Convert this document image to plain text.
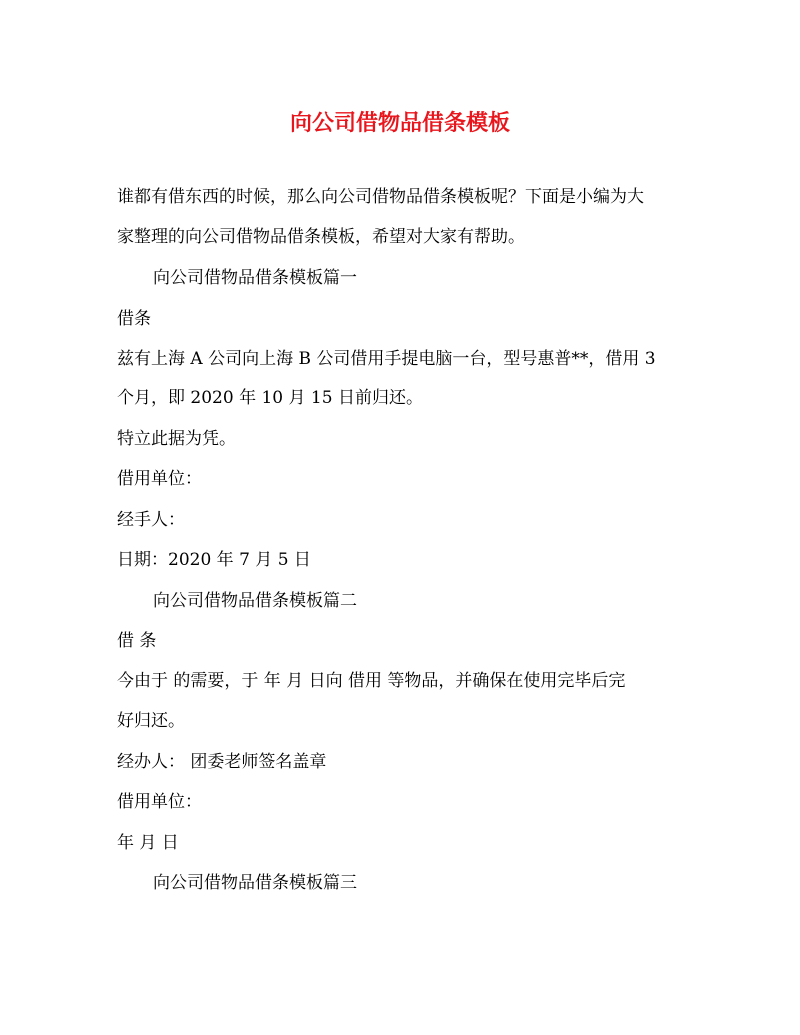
向公司借物品借条模板
谁都有借东西的时候，那么向公司借物品借条模板呢？下面是小编为大
家整理的向公司借物品借条模板，希望对大家有帮助。
向公司借物品借条模板篇一
借条
兹有上海 A 公司向上海 B 公司借用手提电脑一台，型号惠普**，借用 3
个月，即 2020 年 10 月 15 日前归还。
特立此据为凭。
借用单位：
经手人：
日期：2020 年 7 月 5 日
向公司借物品借条模板篇二
借 条
今由于 的需要，于 年 月 日向 借用 等物品，并确保在使用完毕后完
好归还。
经办人： 团委老师签名盖章
借用单位：
年 月 日
向公司借物品借条模板篇三
